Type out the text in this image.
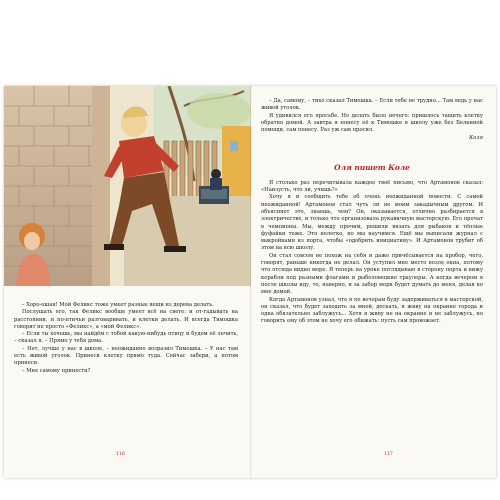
– Хоро-ошая! Мой Феликс тоже умеет разные вещи из дерева делать.

Послушать его, так Феликс вообще умеет всё на свете: и от-гадывать на расстоянии, и по-птичьи разговаривать, и клетки делать. И всегда Тимошка говорит не просто «Феликс», а «мой Феликс».

– Если ты хочешь, мы найдём с тобой какую-нибудь птицу и будем её лечить, – сказал я. – Прямо у тебя дома.

– Нет, лучше у нас в школе, – неожиданно возразил Тимошка. – У нас там есть живой уголок. Принеси клетку прямо туда. Сейчас забери, а потом принеси.

– Мне самому принести?

116

– Да, самому, – тихо сказал Тимошка. – Если тебе не трудно... Там ведь у нас живой уголок.

Я удивился его просьбе. Но делать было нечего: пришлось тащить клетку обратно домой. А завтра я понесу её к Тимошке в школу уже без Белкиной помощи, сам понесу. Раз уж сам просил.

Коля

Оля пишет Коле

Я столько раз перечитывала каждое твоё письмо, что Артамонов сказал: «Наизусть, что ли, учишь?»

Хочу я и сообщить тебе об очень неожиданной новости. С самой неожиданной! Артамонов стал чуть ли не моим закадычным другом. И объясняет это, знаешь, чем? Он, оказывается, отлично разбирается в электричестве, и только что организовала рукавичную мастерскую. Его прочат в чемпионы. Мы, между прочим, решили вязать для рыбаков и тёплые фуфайки тоже. Это нелегко, но мы научимся. Ещё мы выписали журнал с выкройками из порта, чтобы «одобрить инициативу». И Артамонов трубит об этом на всю школу.

Он стал совсем не похож на себя и даже причёсывается на пробор, чего, говорят, раньше никогда не делал. Он уступил мне место возле окна, потому что отсюда видно море. Я теперь на уроке поглядываю в сторону порта и вижу корабли под разными флагами и рыболовецкие траулеры. А когда вечером я после школы иду, то, наверно, и за забор моря будет думать до меня, делая ко мне домой.

Когда Артамонов узнал, что я по вечерам буду задерживаться в мастерской, он сказал, что будет заходить за мной, дескать, я живу на окраине города и одна обязательно заблужусь... Хотя я живу не на окраине и не заблужусь, но говорить ему об этом не хочу его обижать: пусть сам провожает.

117
